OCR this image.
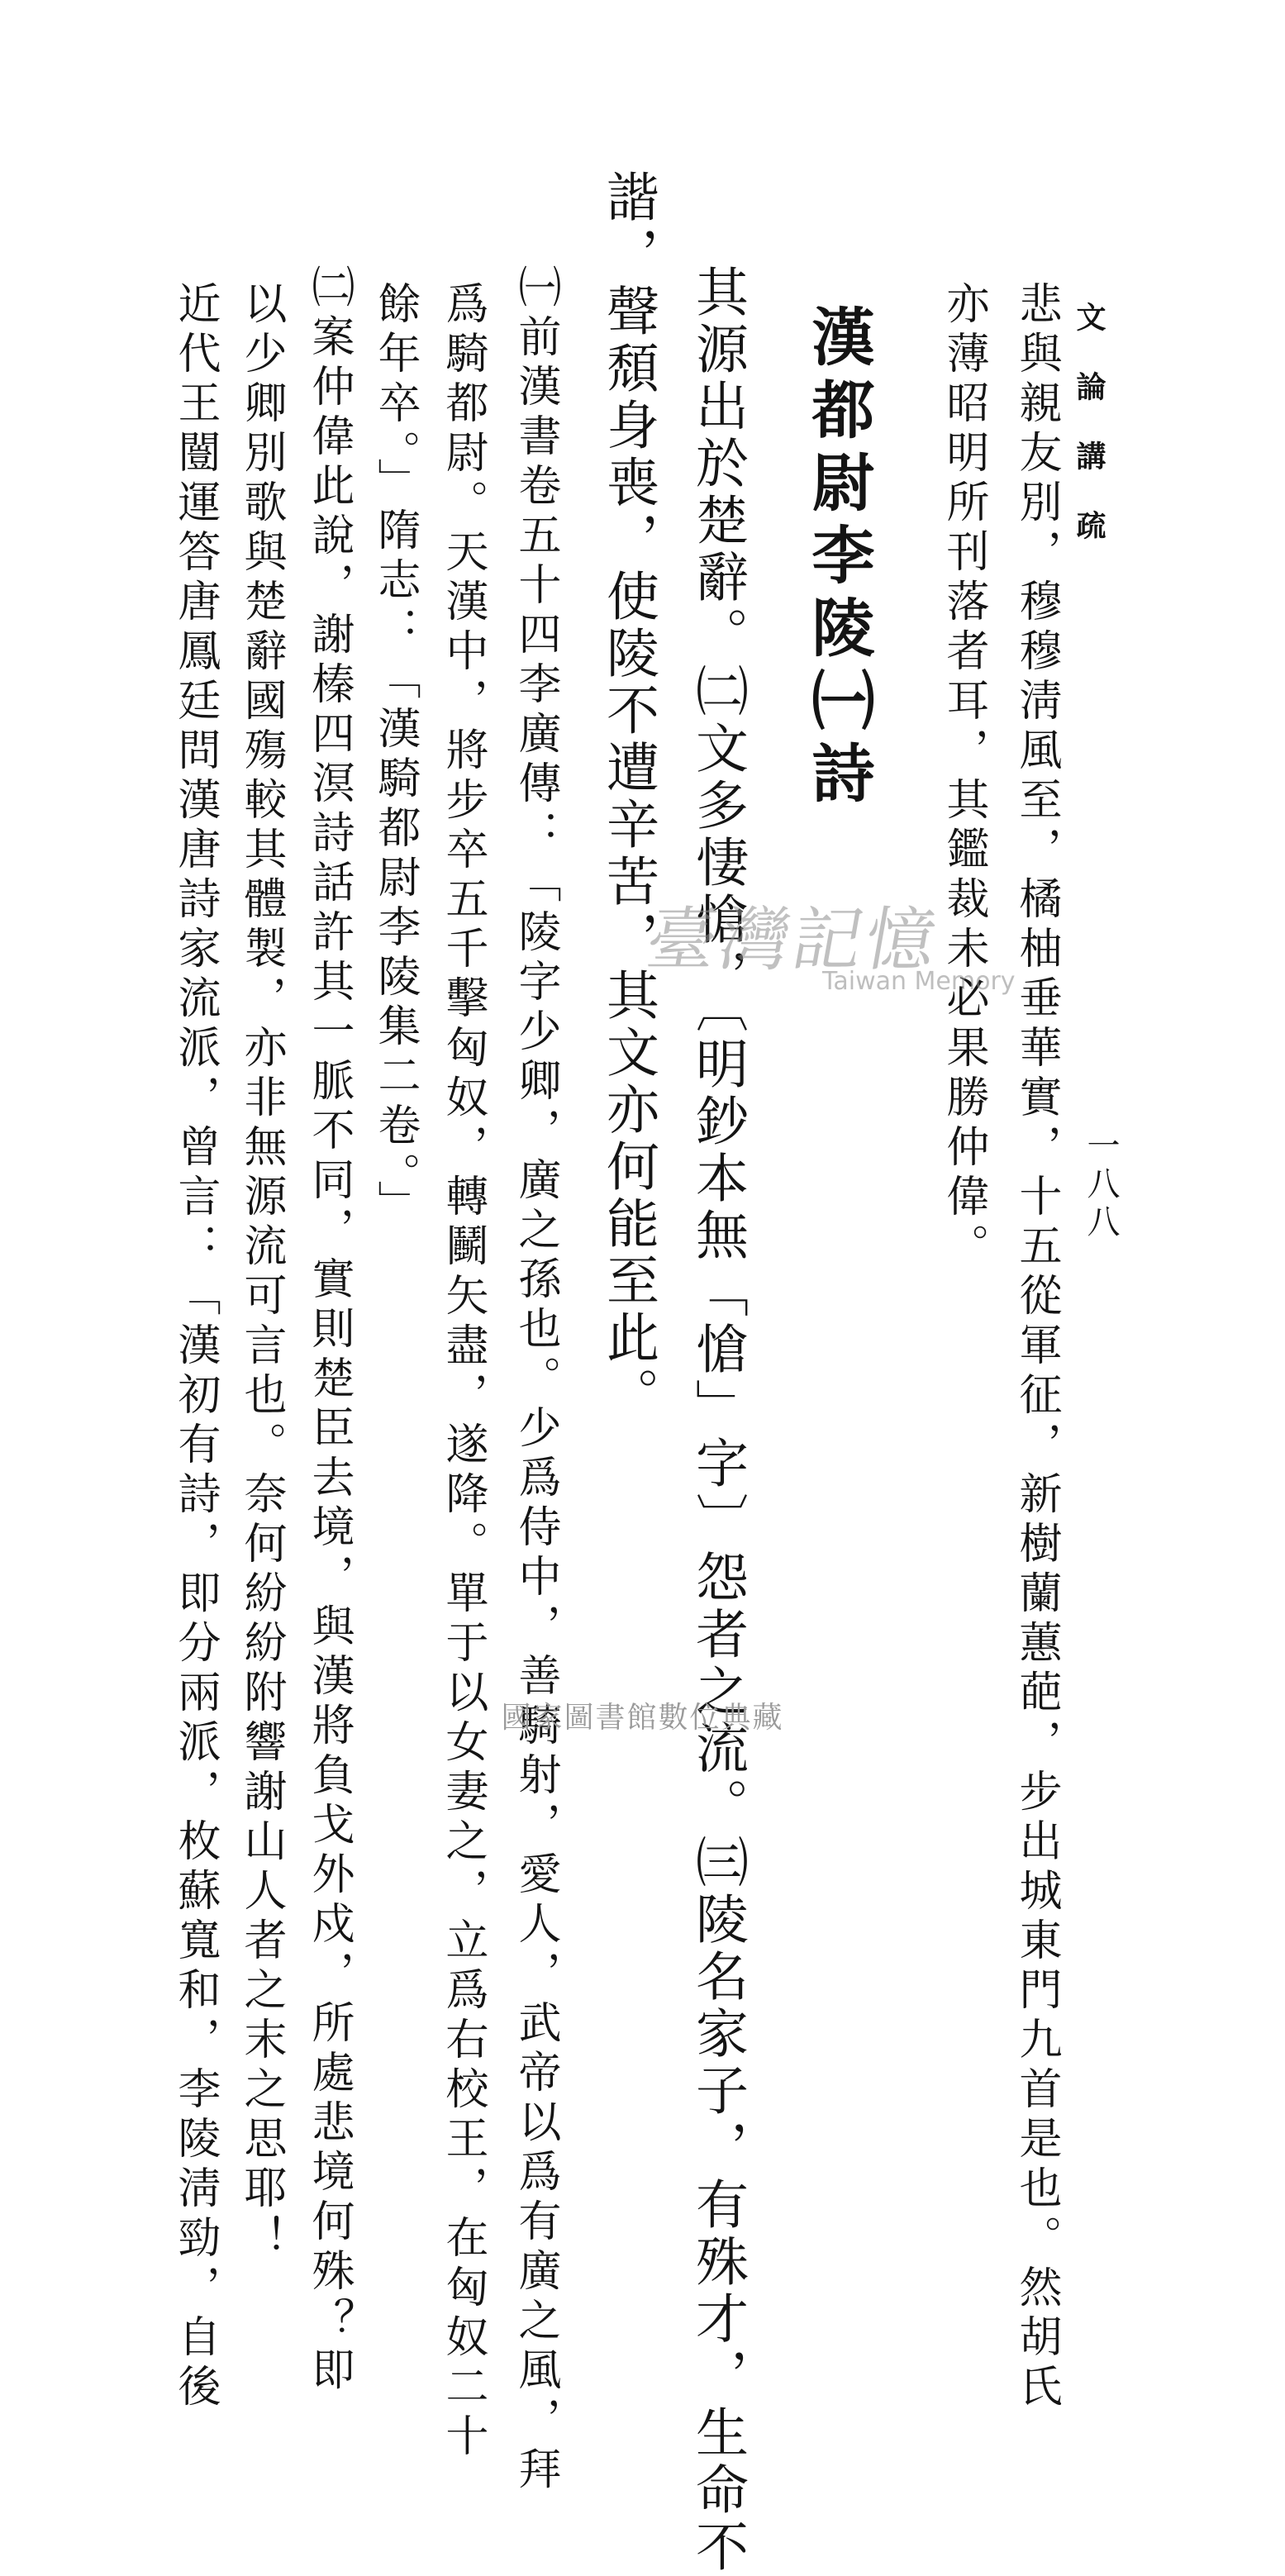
文論講疏
一八八
悲與親友別，穆穆淸風至，橘柚垂華實，十五從軍征，新樹蘭蕙葩，步出城東門九首是也。然胡氏
亦薄昭明所刊落者耳，其鑑裁未必果勝仲偉。
漢都尉李陵㈠詩
其源出於楚辭。㈡文多悽愴，〔明鈔本無「愴」字〕怨者之流。㈢陵名家子，有殊才，生命不
諧，聲頹身喪，使陵不遭辛苦，其文亦何能至此。
㈠前漢書卷五十四李廣傳：「陵字少卿，廣之孫也。少爲侍中，善騎射，愛人，武帝以爲有廣之風，拜
爲騎都尉。天漢中，將步卒五千擊匈奴，轉鬭矢盡，遂降。單于以女妻之，立爲右校王，在匈奴二十
餘年卒。」隋志：「漢騎都尉李陵集二卷。」
㈡案仲偉此說，謝榛四溟詩話許其一脈不同，實則楚臣去境，與漢將負戈外戍，所處悲境何殊？即
以少卿別歌與楚辭國殤較其體製，亦非無源流可言也。奈何紛紛附響謝山人者之末之思耶！
近代王闓運答唐鳳廷問漢唐詩家流派，曾言：「漢初有詩，即分兩派，枚蘇寬和，李陵淸勁，自後	臺灣記憶
Taiwan Memory
國家圖書館數位典藏
